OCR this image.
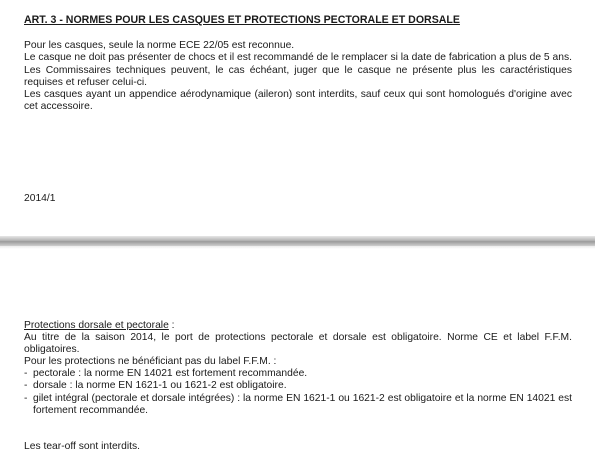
ART. 3 - NORMES POUR LES CASQUES ET PROTECTIONS PECTORALE ET DORSALE

Pour les casques, seule la norme ECE 22/05 est reconnue.

Le casque ne doit pas présenter de chocs et il est recommandé de le remplacer si la date de fabrication a plus de 5 ans. Les Commissaires techniques peuvent, le cas échéant, juger que le casque ne présente plus les caractéristiques requises et refuser celui-ci.

Les casques ayant un appendice aérodynamique (aileron) sont interdits, sauf ceux qui sont homologués d'origine avec cet accessoire.

2014/1

Protections dorsale et pectorale :

Au titre de la saison 2014, le port de protections pectorale et dorsale est obligatoire. Norme CE et label F.F.M. obligatoires.

Pour les protections ne bénéficiant pas du label F.F.M. :

- pectorale : la norme EN 14021 est fortement recommandée.
- dorsale : la norme EN 1621-1 ou 1621-2 est obligatoire.
- gilet intégral (pectorale et dorsale intégrées) : la norme EN 1621-1 ou 1621-2 est obligatoire et la norme EN 14021 est fortement recommandée.

Les tear-off sont interdits.
